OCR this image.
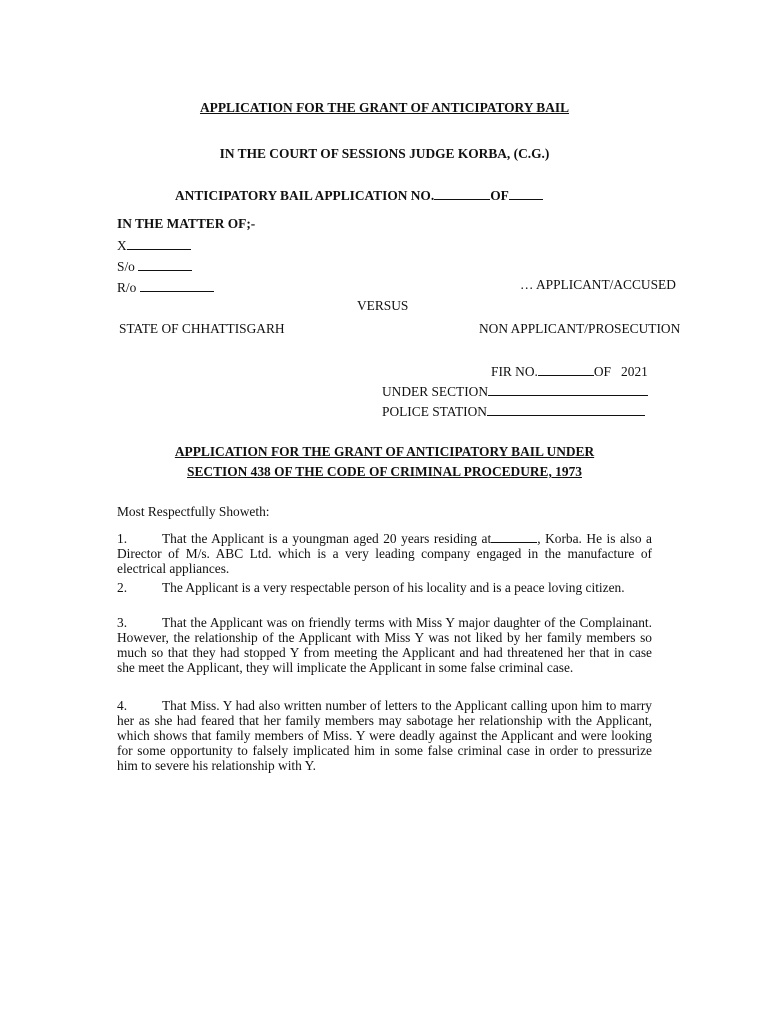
APPLICATION FOR THE GRANT OF ANTICIPATORY BAIL
IN THE COURT OF SESSIONS JUDGE KORBA, (C.G.)
ANTICIPATORY BAIL APPLICATION NO.	OF
IN THE MATTER OF;-
X
S/o
R/o	… APPLICANT/ACCUSED
VERSUS
STATE OF CHHATTISGARH	NON APPLICANT/PROSECUTION
FIR NO.	OF 2021
UNDER SECTION
POLICE STATION
APPLICATION FOR THE GRANT OF ANTICIPATORY BAIL UNDER
SECTION 438 OF THE CODE OF CRIMINAL PROCEDURE, 1973
Most Respectfully Showeth:
1.	That the Applicant is a youngman aged 20 years residing at	, Korba. He is also a Director of M/s. ABC Ltd. which is a very leading company engaged in the manufacture of electrical appliances.
2.	The Applicant is a very respectable person of his locality and is a peace loving citizen.
3.	That the Applicant was on friendly terms with Miss Y major daughter of the Complainant. However, the relationship of the Applicant with Miss Y was not liked by her family members so much so that they had stopped Y from meeting the Applicant and had threatened her that in case she meet the Applicant, they will implicate the Applicant in some false criminal case.
4.	That Miss. Y had also written number of letters to the Applicant calling upon him to marry her as she had feared that her family members may sabotage her relationship with the Applicant, which shows that family members of Miss. Y were deadly against the Applicant and were looking for some opportunity to falsely implicated him in some false criminal case in order to pressurize him to severe his relationship with Y.
